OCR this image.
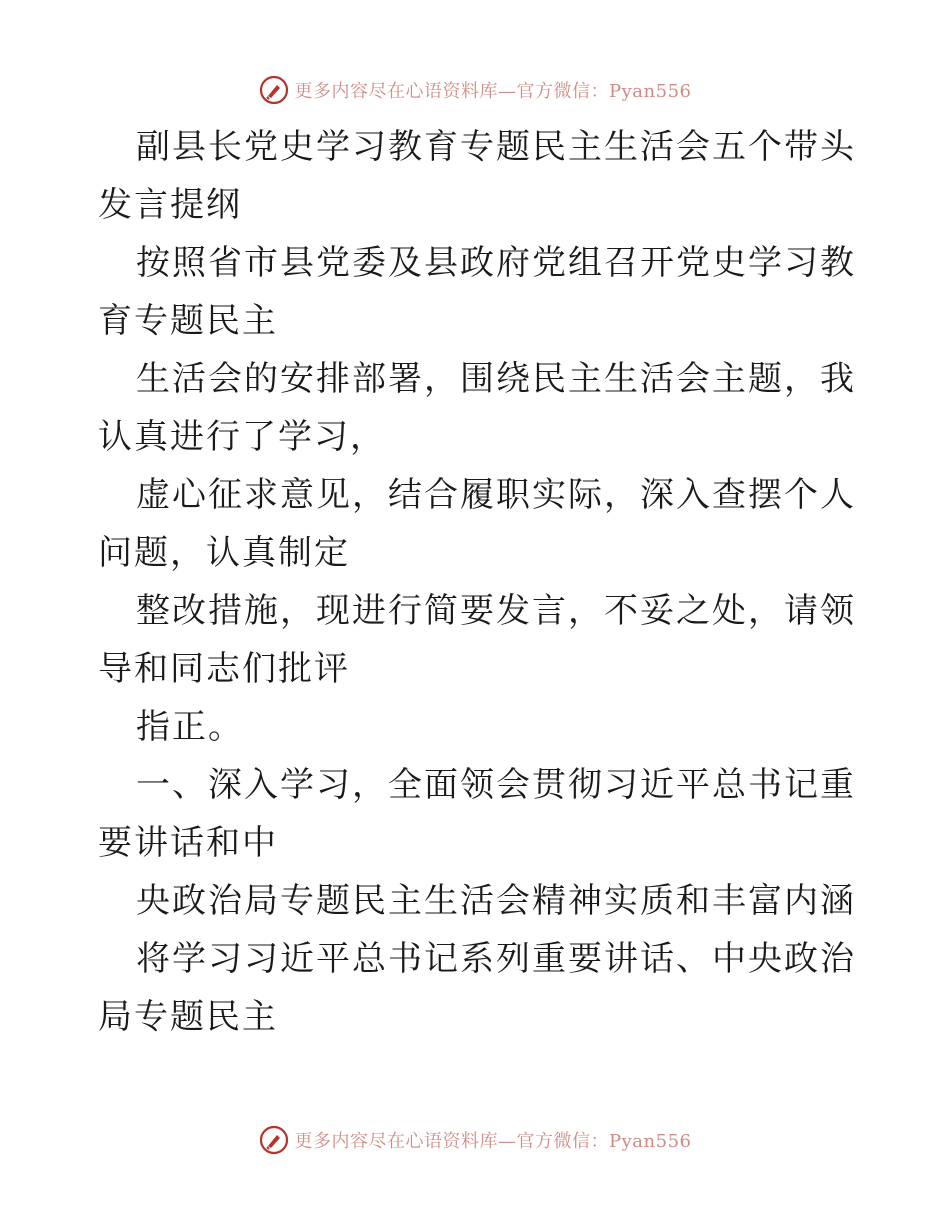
更多内容尽在心语资料库—官方微信：Pyan556

副县长党史学习教育专题民主生活会五个带头发言提纲

按照省市县党委及县政府党组召开党史学习教育专题民主

生活会的安排部署，围绕民主生活会主题，我认真进行了学习，

虚心征求意见，结合履职实际，深入查摆个人问题，认真制定

整改措施，现进行简要发言，不妥之处，请领导和同志们批评

指正。

一、深入学习，全面领会贯彻习近平总书记重要讲话和中

央政治局专题民主生活会精神实质和丰富内涵

将学习习近平总书记系列重要讲话、中央政治局专题民主

更多内容尽在心语资料库—官方微信：Pyan556
